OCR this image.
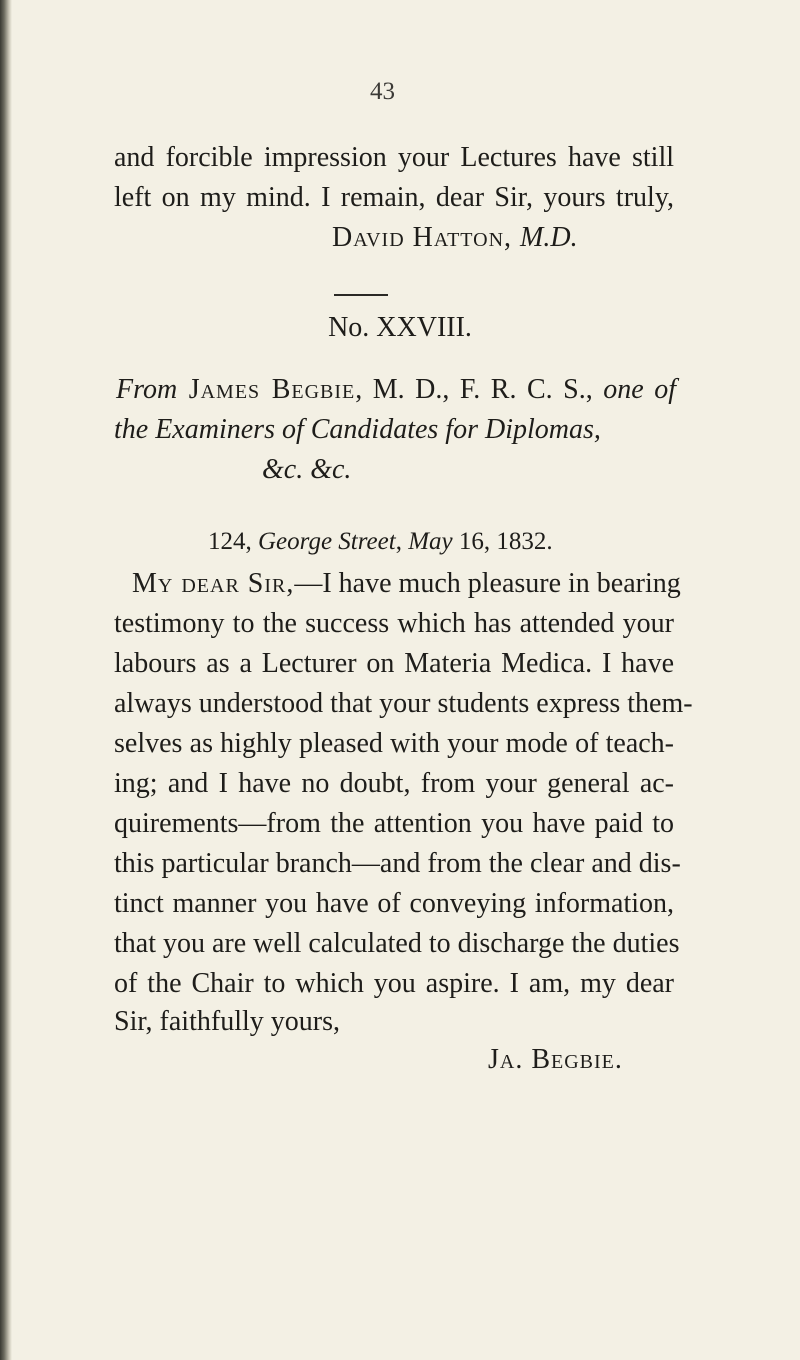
43
and forcible impression your Lectures have still
left on my mind. I remain, dear Sir, yours truly,
David Hatton, M.D.
No. XXVIII.
From James Begbie, M. D., F. R. C. S., one of
the Examiners of Candidates for Diplomas,
&c. &c.
124, George Street, May 16, 1832.
My dear Sir,—I have much pleasure in bearing
testimony to the success which has attended your
labours as a Lecturer on Materia Medica. I have
always understood that your students express them-
selves as highly pleased with your mode of teach-
ing; and I have no doubt, from your general ac-
quirements—from the attention you have paid to
this particular branch—and from the clear and dis-
tinct manner you have of conveying information,
that you are well calculated to discharge the duties
of the Chair to which you aspire. I am, my dear
Sir, faithfully yours,
Ja. Begbie.
